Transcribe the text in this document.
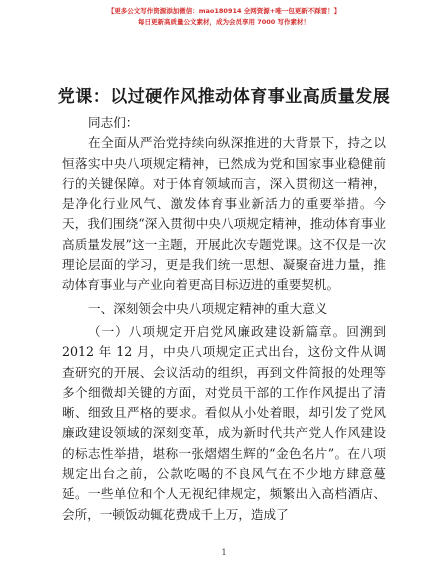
【更多公文写作资源添加微信：mao180914 全网资源+唯一包更新不踩雷！】
每日更新高质量公文素材，成为会员享用 7000 写作素材！
党课：以过硬作风推动体育事业高质量发展

同志们：

在全面从严治党持续向纵深推进的大背景下，持之以恒落实中央八项规定精神，已然成为党和国家事业稳健前行的关键保障。对于体育领域而言，深入贯彻这一精神，是净化行业风气、激发体育事业新活力的重要举措。今天，我们围绕“深入贯彻中央八项规定精神，推动体育事业高质量发展”这一主题，开展此次专题党课。这不仅是一次理论层面的学习，更是我们统一思想、凝聚奋进力量，推动体育事业与产业向着更高目标迈进的重要契机。

一、深刻领会中央八项规定精神的重大意义

（一）八项规定开启党风廉政建设新篇章。回溯到 2012 年 12 月，中央八项规定正式出台，这份文件从调查研究的开展、会议活动的组织，再到文件简报的处理等多个细微却关键的方面，对党员干部的工作作风提出了清晰、细致且严格的要求。看似从小处着眼，却引发了党风廉政建设领域的深刻变革，成为新时代共产党人作风建设的标志性举措，堪称一张熠熠生辉的“金色名片”。在八项规定出台之前，公款吃喝的不良风气在不少地方肆意蔓延。一些单位和个人无视纪律规定，频繁出入高档酒店、会所，一顿饭动辄花费成千上万，造成了

1
